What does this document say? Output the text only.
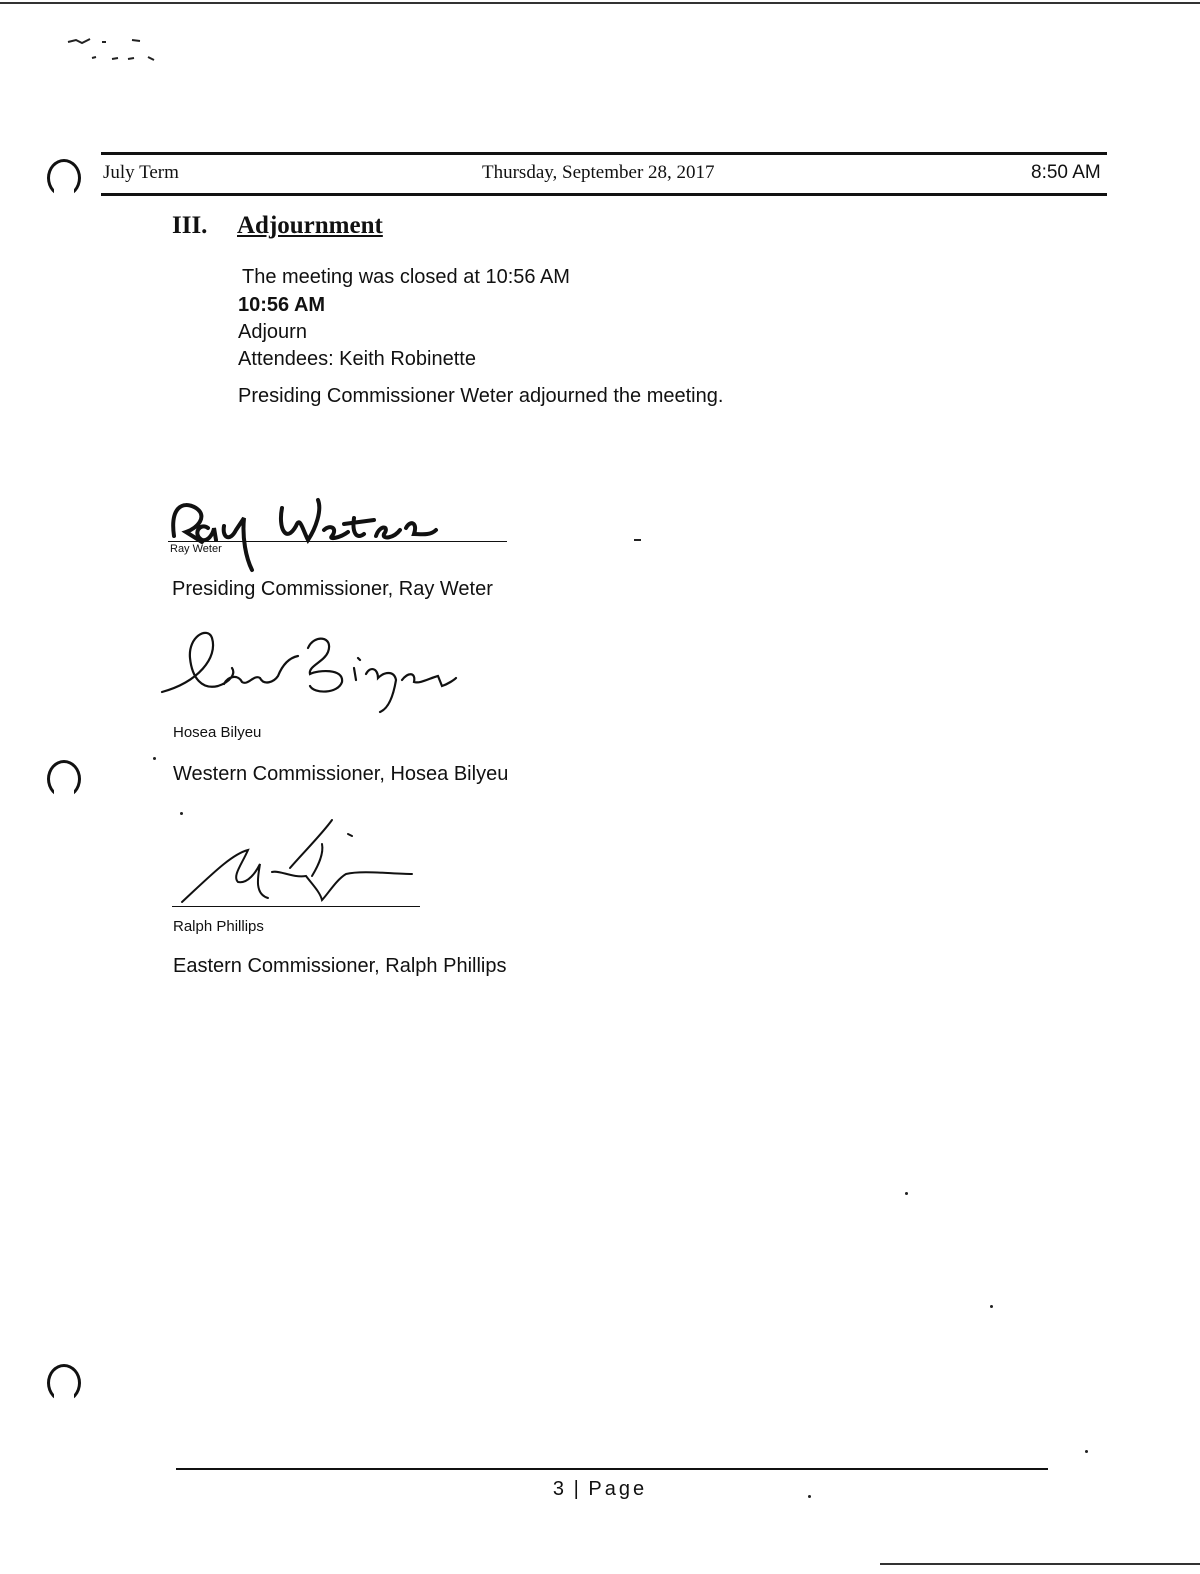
July Term	Thursday, September 28, 2017	8:50 AM
III. Adjournment
The meeting was closed at 10:56 AM
10:56 AM
Adjourn
Attendees: Keith Robinette
Presiding Commissioner Weter adjourned the meeting.
Ray Weter
Presiding Commissioner, Ray Weter
Hosea Bilyeu
Western Commissioner, Hosea Bilyeu
Ralph Phillips
Eastern Commissioner, Ralph Phillips
3 | Page
